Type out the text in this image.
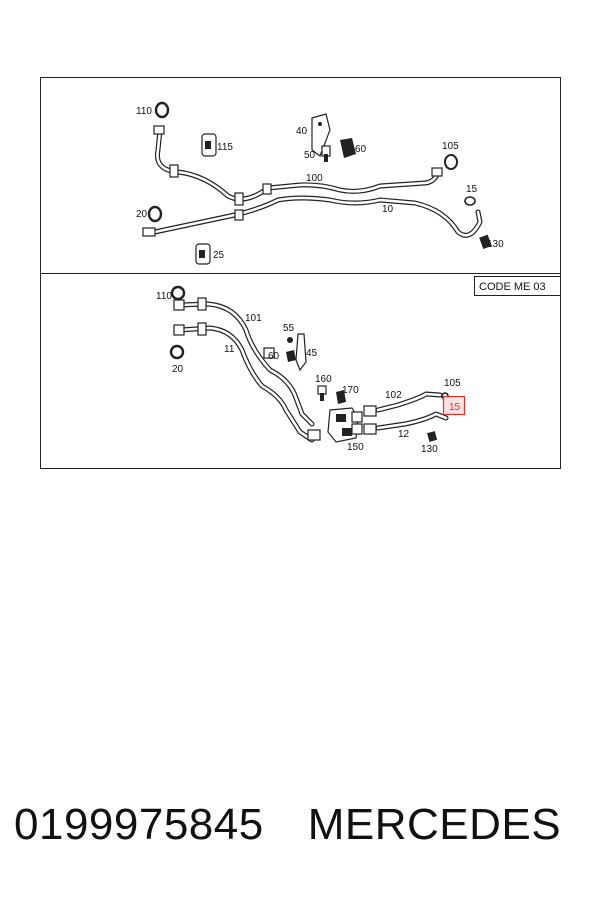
110
115
40
60
50
100
105
15
10
20
25
130
CODE ME 03
110
101
55
11
60	45
20
160
170	102
105
15
12
150	130
0199975845 MERCEDES
